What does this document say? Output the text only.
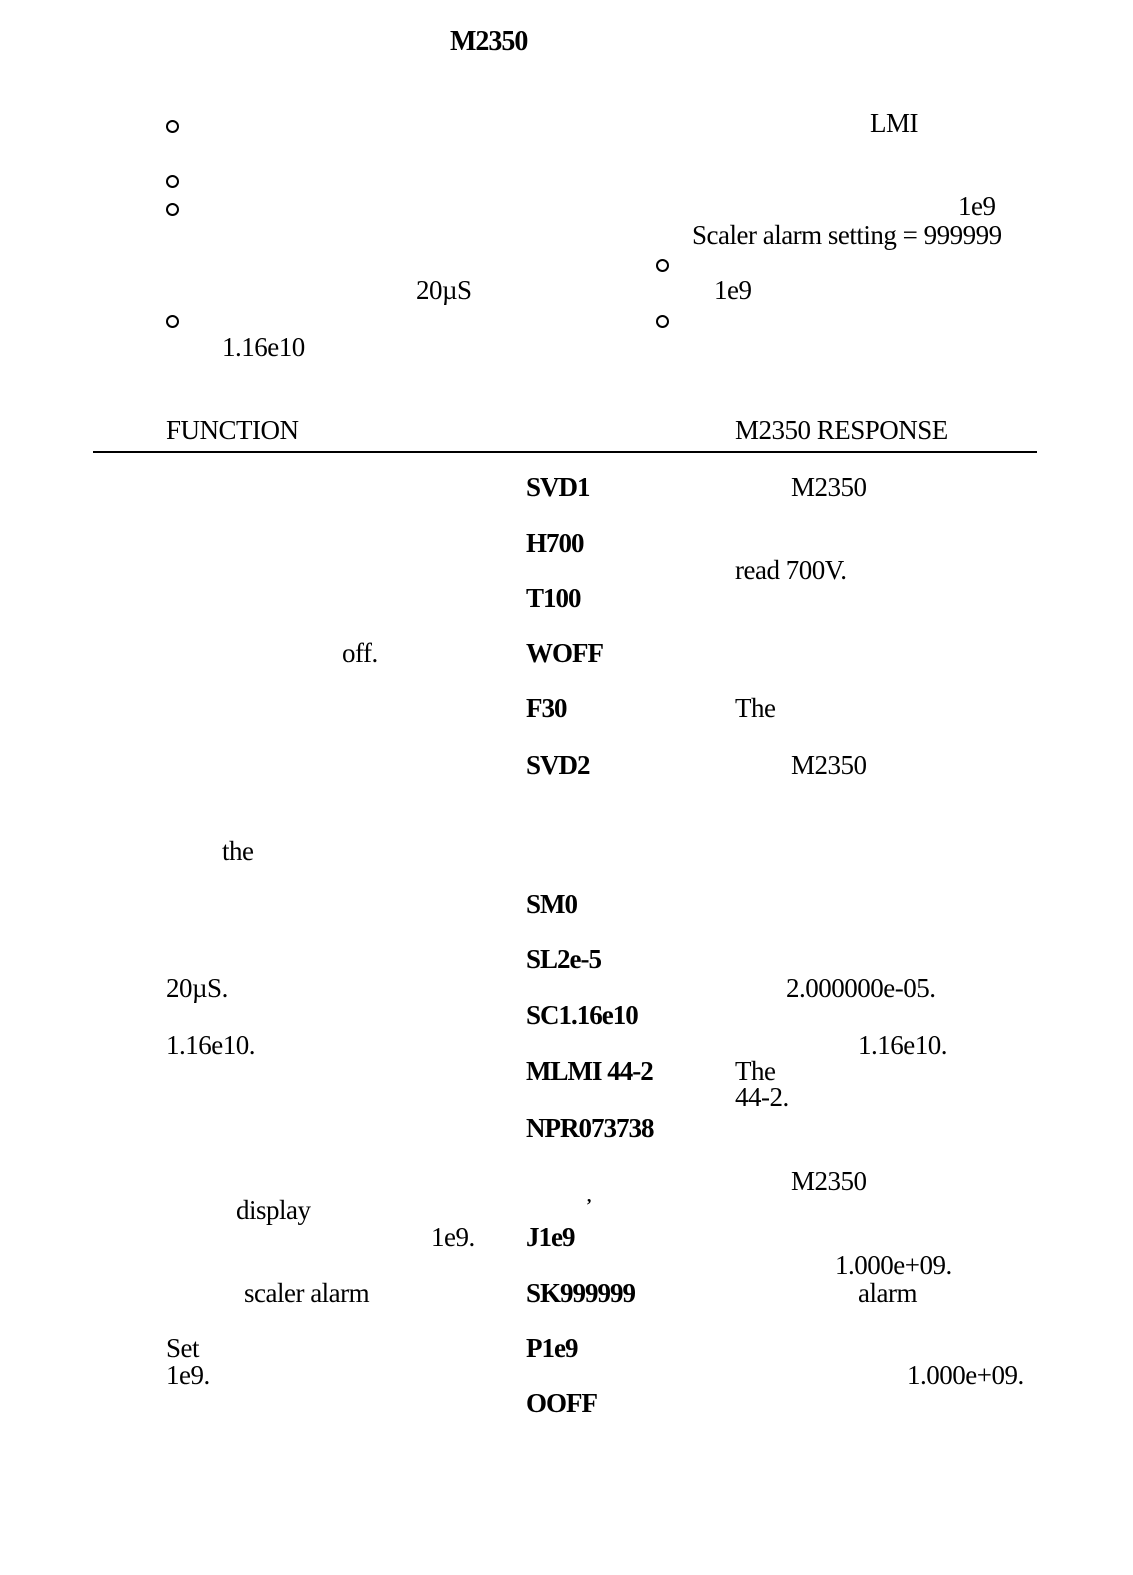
M2350
LMI
1e9
Scaler alarm setting = 999999
20µS	1e9
1.16e10
FUNCTION	M2350 RESPONSE
off.
the
20µS.
1.16e10.
display
1e9.
scaler alarm
Set
1e9.
SVD1
H700
T100
WOFF
F30
SVD2
SM0
SL2e-5
SC1.16e10
MLMI 44-2
NPR073738
J1e9
ʼ
SK999999
P1e9
OOFF
M2350
read 700V.
The
M2350
2.000000e-05.
1.16e10.
The
44-2.
M2350
1.000e+09.
alarm
1.000e+09.
